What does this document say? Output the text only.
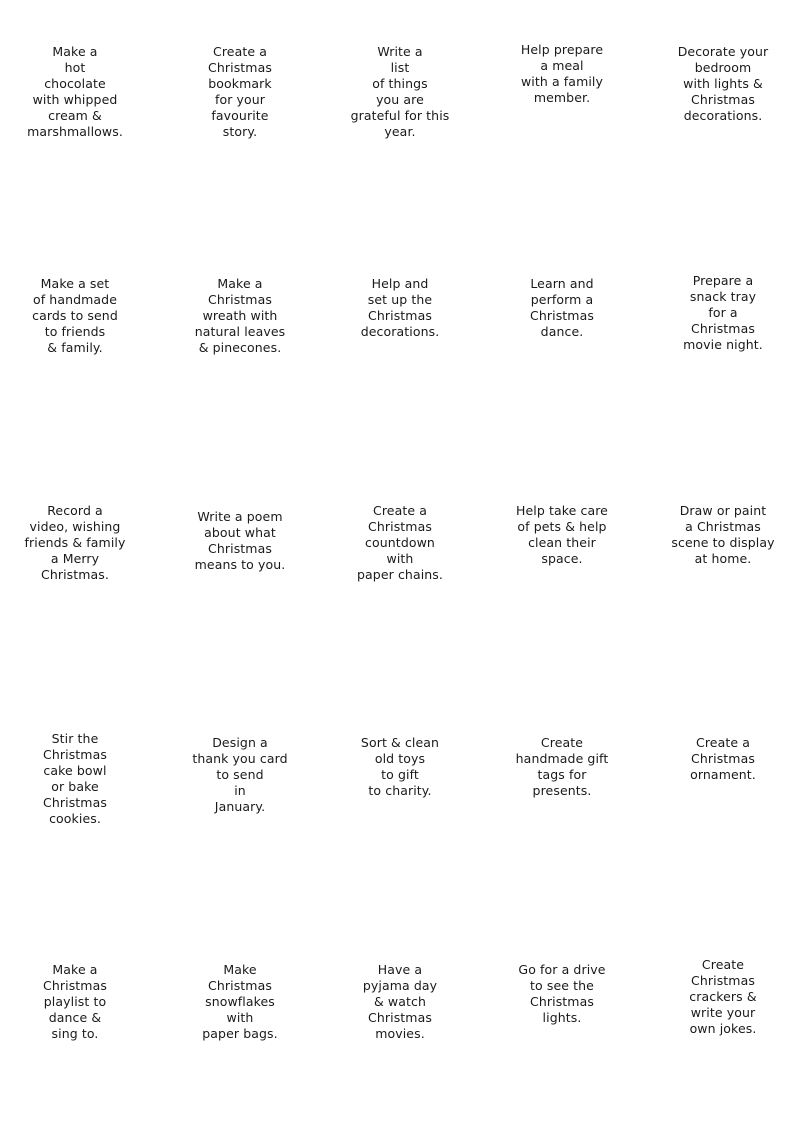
Make a
hot
chocolate
with whipped
cream &
marshmallows.
Create a
Christmas
bookmark
for your
favourite
story.
Write a
list
of things
you are
grateful for this
year.
Help prepare
a meal
with a family
member.
Decorate your
bedroom
with lights &
Christmas
decorations.
Make a set
of handmade
cards to send
to friends
& family.
Make a
Christmas
wreath with
natural leaves
& pinecones.
Help and
set up the
Christmas
decorations.
Learn and
perform a
Christmas
dance.
Prepare a
snack tray
for a
Christmas
movie night.
Record a
video, wishing
friends & family
a Merry
Christmas.
Write a poem
about what
Christmas
means to you.
Create a
Christmas
countdown
with
paper chains.
Help take care
of pets & help
clean their
space.
Draw or paint
a Christmas
scene to display
at home.
Stir the
Christmas
cake bowl
or bake
Christmas
cookies.
Design a
thank you card
to send
in
January.
Sort & clean
old toys
to gift
to charity.
Create
handmade gift
tags for
presents.
Create a
Christmas
ornament.
Make a
Christmas
playlist to
dance &
sing to.
Make
Christmas
snowflakes
with
paper bags.
Have a
pyjama day
& watch
Christmas
movies.
Go for a drive
to see the
Christmas
lights.
Create
Christmas
crackers &
write your
own jokes.
